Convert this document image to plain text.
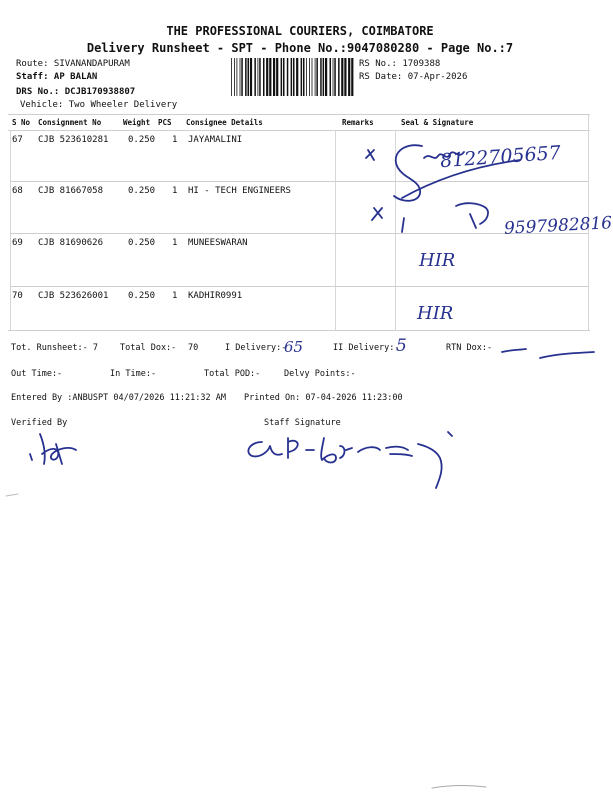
THE PROFESSIONAL COURIERS, COIMBATORE
Delivery Runsheet - SPT - Phone No.:9047080280 - Page No.:7
Route: SIVANANDAPURAM
Staff: AP BALAN
DRS No.: DCJB170938807
Vehicle: Two Wheeler Delivery
RS No.: 1709388
RS Date: 07-Apr-2026
S No Consignment No	Weight PCS Consignee Details	Remarks	Seal & Signature
67 CJB 523610281 0.250 1 JAYAMALINI
68 CJB 81667058	0.250 1 HI - TECH ENGINEERS
69 CJB 81690626	0.250 1 MUNEESWARAN
70 CJB 523626001 0.250 1 KADHIR0991
8122705657
9597982816
HIR
HIR
Tot. Runsheet:- 7	Total Dox:- 70	I Delivery:-	II Delivery:-	RTN Dox:-
65	5
Out Time:-	In Time:-	Total POD:-	Delvy Points:-
Entered By :ANBUSPT 04/07/2026 11:21:32 AM Printed On: 07-04-2026 11:23:00
Verified By	Staff Signature
